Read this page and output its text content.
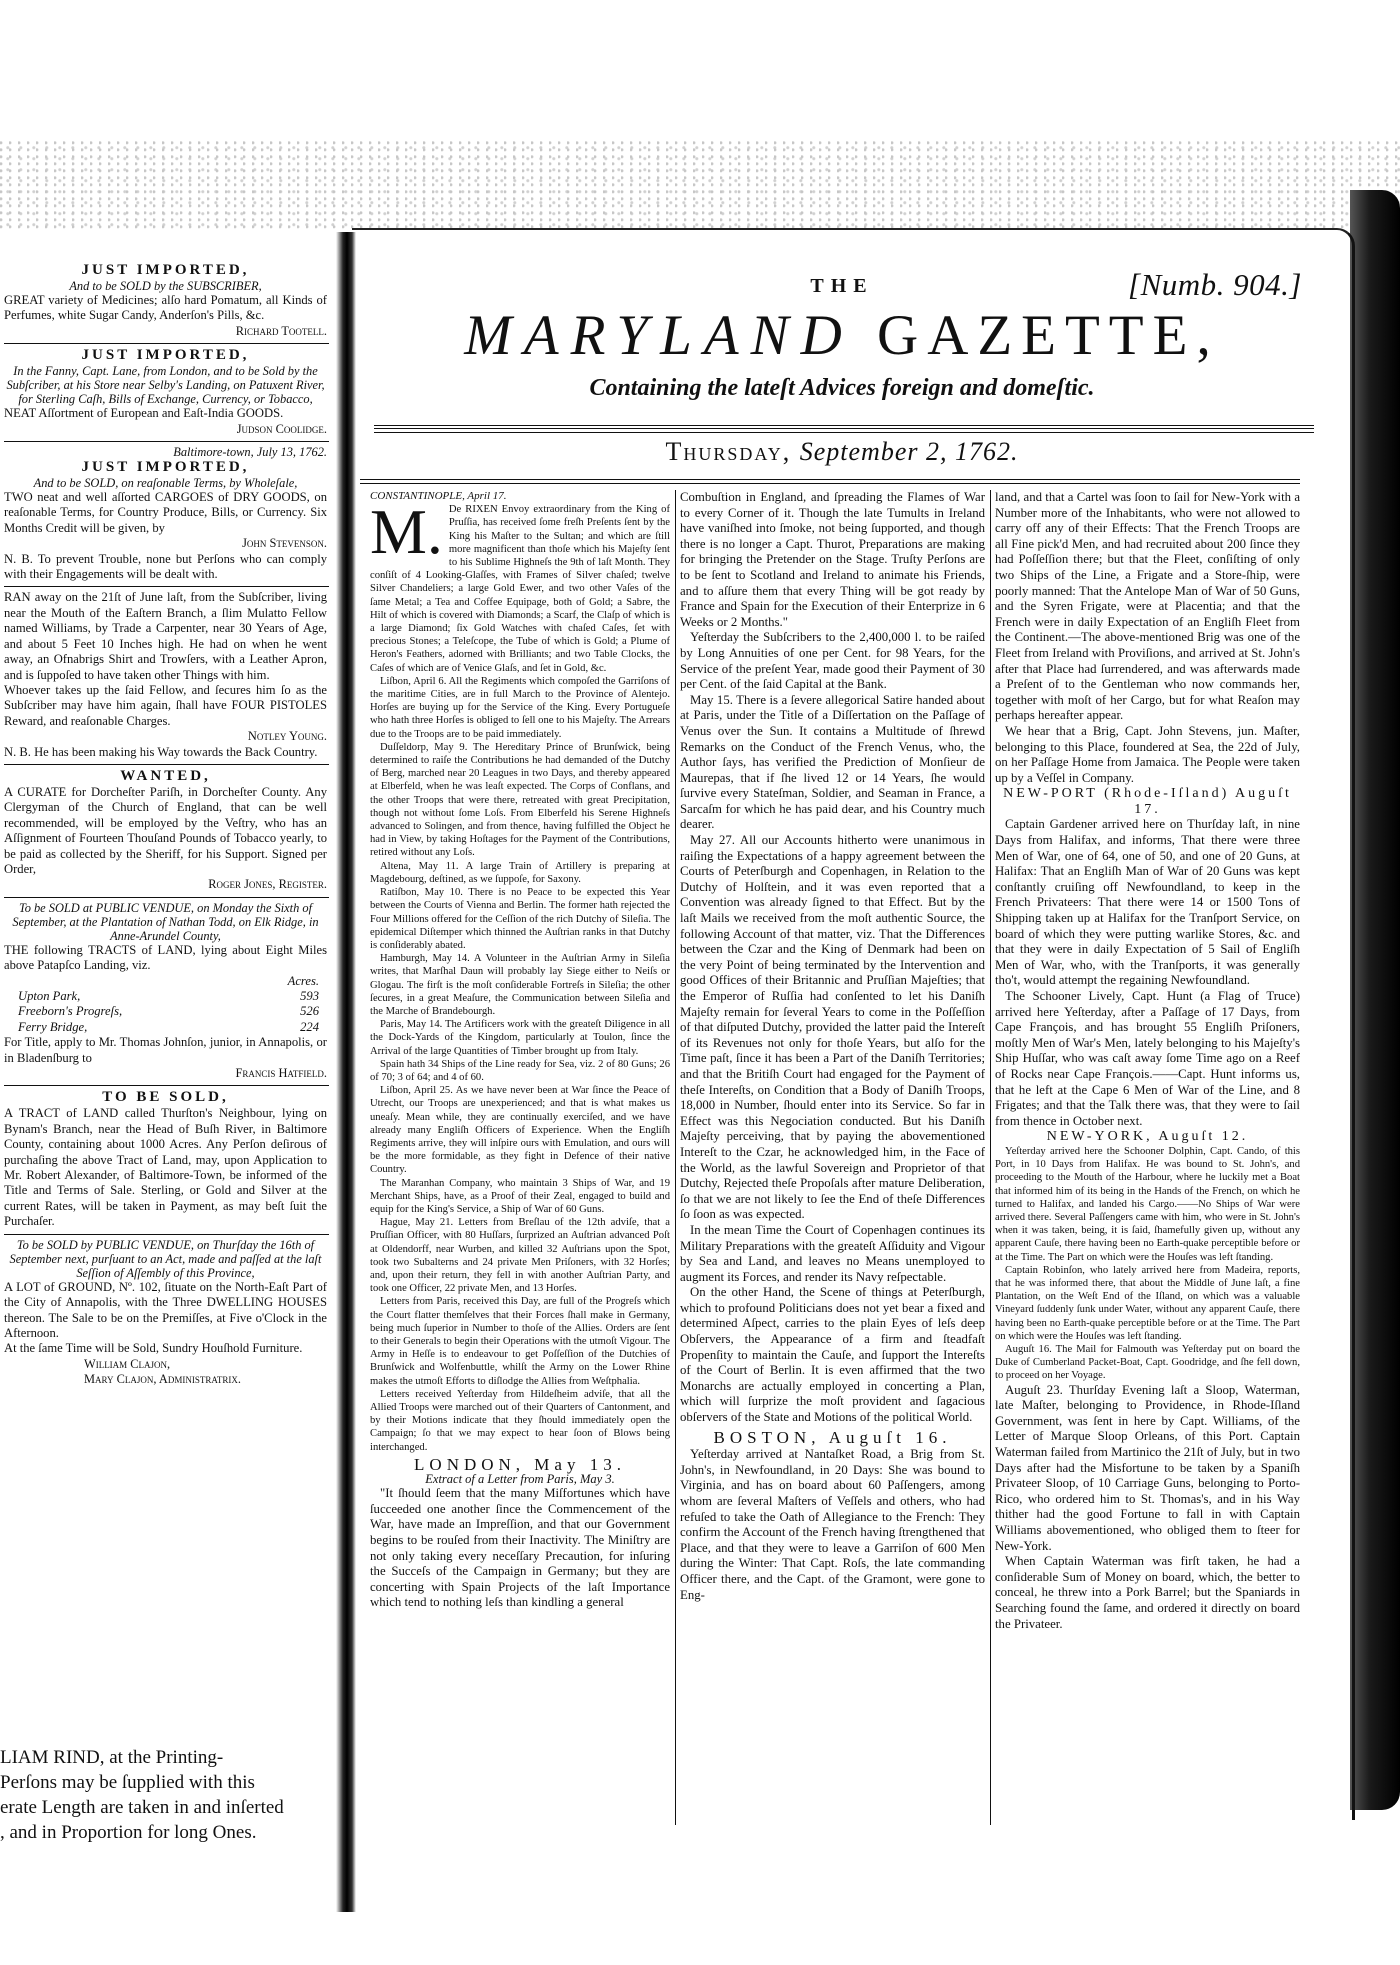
JUST IMPORTED,
And to be SOLD by the SUBSCRIBER,
GREAT variety of Medicines; alſo hard Pomatum, all Kinds of Perfumes, white Sugar Candy, Anderſon's Pills, &c.
Richard Tootell.
JUST IMPORTED,
In the Fanny, Capt. Lane, from London, and to be Sold by the Subſcriber, at his Store near Selby's Landing, on Patuxent River, for Sterling Caſh, Bills of Exchange, Currency, or Tobacco,
NEAT Aſſortment of European and Eaſt-India GOODS.
Judson Coolidge.
Baltimore-town, July 13, 1762.
JUST IMPORTED,
And to be SOLD, on reaſonable Terms, by Wholeſale,
TWO neat and well aſſorted CARGOES of DRY GOODS, on reaſonable Terms, for Country Produce, Bills, or Currency. Six Months Credit will be given, by
John Stevenson.
N. B. To prevent Trouble, none but Perſons who can comply with their Engagements will be dealt with.
RAN away on the 21ſt of June laſt, from the Subſcriber, living near the Mouth of the Eaſtern Branch, a ſlim Mulatto Fellow named Williams, by Trade a Carpenter, near 30 Years of Age, and about 5 Feet 10 Inches high. He had on when he went away, an Ofnabrigs Shirt and Trowſers, with a Leather Apron, and is ſuppoſed to have taken other Things with him.
Whoever takes up the ſaid Fellow, and ſecures him ſo as the Subſcriber may have him again, ſhall have FOUR PISTOLES Reward, and reaſonable Charges.
Notley Young.
N. B. He has been making his Way towards the Back Country.
WANTED,
A CURATE for Dorcheſter Pariſh, in Dorcheſter County. Any Clergyman of the Church of England, that can be well recommended, will be employed by the Veſtry, who has an Aſſignment of Fourteen Thouſand Pounds of Tobacco yearly, to be paid as collected by the Sheriff, for his Support. Signed per Order,
Roger Jones, Regiſter.
To be SOLD at PUBLIC VENDUE, on Monday the Sixth of September, at the Plantation of Nathan Todd, on Elk Ridge, in Anne-Arundel County,
THE following TRACTS of LAND, lying about Eight Miles above Patapſco Landing, viz.
Acres.
Upton Park,	593
Freeborn's Progreſs,	526
Ferry Bridge,	224
For Title, apply to Mr. Thomas Johnſon, junior, in Annapolis, or in Bladenſburg to
Francis Hatfield.
TO BE SOLD,
A TRACT of LAND called Thurſton's Neighbour, lying on Bynam's Branch, near the Head of Buſh River, in Baltimore County, containing about 1000 Acres. Any Perſon deſirous of purchaſing the above Tract of Land, may, upon Application to Mr. Robert Alexander, of Baltimore-Town, be informed of the Title and Terms of Sale. Sterling, or Gold and Silver at the current Rates, will be taken in Payment, as may beſt ſuit the Purchaſer.
To be SOLD by PUBLIC VENDUE, on Thurſday the 16th of September next, purſuant to an Act, made and paſſed at the laſt Seſſion of Aſſembly of this Province,
A LOT of GROUND, Nº. 102, ſituate on the North-Eaſt Part of the City of Annapolis, with the Three DWELLING HOUSES thereon. The Sale to be on the Premiſſes, at Five o'Clock in the Afternoon.
At the ſame Time will be Sold, Sundry Houſhold Furniture.
William Clajon,
Mary Clajon, Adminiſtratrix.
LIAM RIND, at the Printing-
Perſons may be ſupplied with this
erate Length are taken in and inſerted
, and in Proportion for long Ones.
[Numb. 904.]
THE
MARYLAND GAZETTE,
Containing the lateſt Advices foreign and domeſtic.
Thursday, September 2, 1762.
CONSTANTINOPLE, April 17.

M. De RIXEN Envoy extraordinary from the King of Pruſſia, has received ſome freſh Preſents ſent by the King his Maſter to the Sultan; and which are ſtill more magnificent than thoſe which his Majeſty ſent to his Sublime Highneſs the 9th of laſt Month. They conſiſt of 4 Looking-Glaſſes, with Frames of Silver chaſed; twelve Silver Chandeliers; a large Gold Ewer, and two other Vaſes of the ſame Metal; a Tea and Coffee Equipage, both of Gold; a Sabre, the Hilt of which is covered with Diamonds; a Scarf, the Claſp of which is a large Diamond; ſix Gold Watches with chaſed Caſes, ſet with precious Stones; a Teleſcope, the Tube of which is Gold; a Plume of Heron's Feathers, adorned with Brilliants; and two Table Clocks, the Caſes of which are of Venice Glaſs, and ſet in Gold, &c.

Liſbon, April 6. All the Regiments which compoſed the Garriſons of the maritime Cities, are in full March to the Province of Alentejo. Horſes are buying up for the Service of the King. Every Portugueſe who hath three Horſes is obliged to ſell one to his Majeſty. The Arrears due to the Troops are to be paid immediately.

Duſſeldorp, May 9. The Hereditary Prince of Brunſwick, being determined to raiſe the Contributions he had demanded of the Dutchy of Berg, marched near 20 Leagues in two Days, and thereby appeared at Elberfeld, when he was leaſt expected. The Corps of Conflans, and the other Troops that were there, retreated with great Precipitation, though not without ſome Loſs. From Elberfeld his Serene Highneſs advanced to Solingen, and from thence, having fulfilled the Object he had in View, by taking Hoſtages for the Payment of the Contributions, retired without any Loſs.

Altena, May 11. A large Train of Artillery is preparing at Magdebourg, deſtined, as we ſuppoſe, for Saxony.

Ratiſbon, May 10. There is no Peace to be expected this Year between the Courts of Vienna and Berlin. The former hath rejected the Four Millions offered for the Ceſſion of the rich Dutchy of Sileſia. The epidemical Diſtemper which thinned the Auſtrian ranks in that Dutchy is conſiderably abated.

Hamburgh, May 14. A Volunteer in the Auſtrian Army in Sileſia writes, that Marſhal Daun will probably lay Siege either to Neiſs or Glogau. The firſt is the moſt conſiderable Fortreſs in Sileſia; the other ſecures, in a great Meaſure, the Communication between Sileſia and the Marche of Brandebourgh.

Paris, May 14. The Artificers work with the greateſt Diligence in all the Dock-Yards of the Kingdom, particularly at Toulon, ſince the Arrival of the large Quantities of Timber brought up from Italy.

Spain hath 34 Ships of the Line ready for Sea, viz. 2 of 80 Guns; 26 of 70; 3 of 64; and 4 of 60.

Liſbon, April 25. As we have never been at War ſince the Peace of Utrecht, our Troops are unexperienced; and that is what makes us uneaſy. Mean while, they are continually exerciſed, and we have already many Engliſh Officers of Experience. When the Engliſh Regiments arrive, they will inſpire ours with Emulation, and ours will be the more formidable, as they fight in Defence of their native Country.

The Maranhan Company, who maintain 3 Ships of War, and 19 Merchant Ships, have, as a Proof of their Zeal, engaged to build and equip for the King's Service, a Ship of War of 60 Guns.

Hague, May 21. Letters from Breſlau of the 12th adviſe, that a Pruſſian Officer, with 80 Huſſars, ſurprized an Auſtrian advanced Poſt at Oldendorff, near Wurben, and killed 32 Auſtrians upon the Spot, took two Subalterns and 24 private Men Priſoners, with 32 Horſes; and, upon their return, they fell in with another Auſtrian Party, and took one Officer, 22 private Men, and 13 Horſes.

Letters from Paris, received this Day, are full of the Progreſs which the Court flatter themſelves that their Forces ſhall make in Germany, being much ſuperior in Number to thoſe of the Allies. Orders are ſent to their Generals to begin their Operations with the utmoſt Vigour. The Army in Heſſe is to endeavour to get Poſſeſſion of the Dutchies of Brunſwick and Wolfenbuttle, whilſt the Army on the Lower Rhine makes the utmoſt Efforts to diſlodge the Allies from Weſtphalia.

Letters received Yeſterday from Hildeſheim adviſe, that all the Allied Troops were marched out of their Quarters of Cantonment, and by their Motions indicate that they ſhould immediately open the Campaign; ſo that we may expect to hear ſoon of Blows being interchanged.

LONDON, May 13.
Extract of a Letter from Paris, May 3.

"It ſhould ſeem that the many Miſfortunes which have ſucceeded one another ſince the Commencement of the War, have made an Impreſſion, and that our Government begins to be rouſed from their Inactivity. The Miniſtry are not only taking every neceſſary Precaution, for inſuring the Succeſs of the Campaign in Germany; but they are concerting with Spain Projects of the laſt Importance which tend to nothing leſs than kindling a general

Combuſtion in England, and ſpreading the Flames of War to every Corner of it. Though the late Tumults in Ireland have vaniſhed into ſmoke, not being ſupported, and though there is no longer a Capt. Thurot, Preparations are making for bringing the Pretender on the Stage. Truſty Perſons are to be ſent to Scotland and Ireland to animate his Friends, and to aſſure them that every Thing will be got ready by France and Spain for the Execution of their Enterprize in 6 Weeks or 2 Months."

Yeſterday the Subſcribers to the 2,400,000 l. to be raiſed by Long Annuities of one per Cent. for 98 Years, for the Service of the preſent Year, made good their Payment of 30 per Cent. of the ſaid Capital at the Bank.

May 15. There is a ſevere allegorical Satire handed about at Paris, under the Title of a Diſſertation on the Paſſage of Venus over the Sun. It contains a Multitude of ſhrewd Remarks on the Conduct of the French Venus, who, the Author ſays, has verified the Prediction of Monſieur de Maurepas, that if ſhe lived 12 or 14 Years, ſhe would ſurvive every Stateſman, Soldier, and Seaman in France, a Sarcaſm for which he has paid dear, and his Country much dearer.

May 27. All our Accounts hitherto were unanimous in raiſing the Expectations of a happy agreement between the Courts of Peterſburgh and Copenhagen, in Relation to the Dutchy of Holſtein, and it was even reported that a Convention was already ſigned to that Effect. But by the laſt Mails we received from the moſt authentic Source, the following Account of that matter, viz. That the Differences between the Czar and the King of Denmark had been on the very Point of being terminated by the Intervention and good Offices of their Britannic and Pruſſian Majeſties; that the Emperor of Ruſſia had conſented to let his Daniſh Majeſty remain for ſeveral Years to come in the Poſſeſſion of that diſputed Dutchy, provided the latter paid the Intereſt of its Revenues not only for thoſe Years, but alſo for the Time paſt, ſince it has been a Part of the Daniſh Territories; and that the Britiſh Court had engaged for the Payment of theſe Intereſts, on Condition that a Body of Daniſh Troops, 18,000 in Number, ſhould enter into its Service. So far in Effect was this Negociation conducted. But his Daniſh Majeſty perceiving, that by paying the abovementioned Intereſt to the Czar, he acknowledged him, in the Face of the World, as the lawful Sovereign and Proprietor of that Dutchy, Rejected theſe Propoſals after mature Deliberation, ſo that we are not likely to ſee the End of theſe Differences ſo ſoon as was expected.

In the mean Time the Court of Copenhagen continues its Military Preparations with the greateſt Aſſiduity and Vigour by Sea and Land, and leaves no Means unemployed to augment its Forces, and render its Navy reſpectable.

On the other Hand, the Scene of things at Peterſburgh, which to profound Politicians does not yet bear a fixed and determined Aſpect, carries to the plain Eyes of leſs deep Obſervers, the Appearance of a firm and ſteadfaſt Propenſity to maintain the Cauſe, and ſupport the Intereſts of the Court of Berlin. It is even affirmed that the two Monarchs are actually employed in concerting a Plan, which will ſurprize the moſt provident and ſagacious obſervers of the State and Motions of the political World.

BOSTON, Auguſt 16.

Yeſterday arrived at Nantaſket Road, a Brig from St. John's, in Newfoundland, in 20 Days: She was bound to Virginia, and has on board about 60 Paſſengers, among whom are ſeveral Maſters of Veſſels and others, who had refuſed to take the Oath of Allegiance to the French: They confirm the Account of the French having ſtrengthened that Place, and that they were to leave a Garriſon of 600 Men during the Winter: That Capt. Roſs, the late commanding Officer there, and the Capt. of the Gramont, were gone to Eng-

land, and that a Cartel was ſoon to ſail for New-York with a Number more of the Inhabitants, who were not allowed to carry off any of their Effects: That the French Troops are all Fine pick'd Men, and had recruited about 200 ſince they had Poſſeſſion there; but that the Fleet, conſiſting of only two Ships of the Line, a Frigate and a Store-ſhip, were poorly manned: That the Antelope Man of War of 50 Guns, and the Syren Frigate, were at Placentia; and that the French were in daily Expectation of an Engliſh Fleet from the Continent.—The above-mentioned Brig was one of the Fleet from Ireland with Proviſions, and arrived at St. John's after that Place had ſurrendered, and was afterwards made a Preſent of to the Gentleman who now commands her, together with moſt of her Cargo, but for what Reaſon may perhaps hereafter appear.

We hear that a Brig, Capt. John Stevens, jun. Maſter, belonging to this Place, foundered at Sea, the 22d of July, on her Paſſage Home from Jamaica. The People were taken up by a Veſſel in Company.

NEW-PORT (Rhode-Iſland) Auguſt 17.

Captain Gardener arrived here on Thurſday laſt, in nine Days from Halifax, and informs, That there were three Men of War, one of 64, one of 50, and one of 20 Guns, at Halifax: That an Engliſh Man of War of 20 Guns was kept conſtantly cruiſing off Newfoundland, to keep in the French Privateers: That there were 14 or 1500 Tons of Shipping taken up at Halifax for the Tranſport Service, on board of which they were putting warlike Stores, &c. and that they were in daily Expectation of 5 Sail of Engliſh Men of War, who, with the Tranſports, it was generally tho't, would attempt the regaining Newfoundland.

The Schooner Lively, Capt. Hunt (a Flag of Truce) arrived here Yeſterday, after a Paſſage of 17 Days, from Cape François, and has brought 55 Engliſh Priſoners, moſtly Men of War's Men, lately belonging to his Majeſty's Ship Huſſar, who was caſt away ſome Time ago on a Reef of Rocks near Cape François.——Capt. Hunt informs us, that he left at the Cape 6 Men of War of the Line, and 8 Frigates; and that the Talk there was, that they were to ſail from thence in October next.

NEW-YORK, Auguſt 12.

Yeſterday arrived here the Schooner Dolphin, Capt. Cando, of this Port, in 10 Days from Halifax. He was bound to St. John's, and proceeding to the Mouth of the Harbour, where he luckily met a Boat that informed him of its being in the Hands of the French, on which he turned to Halifax, and landed his Cargo.——No Ships of War were arrived there. Several Paſſengers came with him, who were in St. John's when it was taken, being, it is ſaid, ſhamefully given up, without any apparent Cauſe, there having been no Earth-quake perceptible before or at the Time. The Part on which were the Houſes was left ſtanding.

Captain Robinſon, who lately arrived here from Madeira, reports, that he was informed there, that about the Middle of June laſt, a fine Plantation, on the Weſt End of the Iſland, on which was a valuable Vineyard ſuddenly ſunk under Water, without any apparent Cauſe, there having been no Earth-quake perceptible before or at the Time. The Part on which were the Houſes was left ſtanding.

Auguſt 16. The Mail for Falmouth was Yeſterday put on board the Duke of Cumberland Packet-Boat, Capt. Goodridge, and ſhe fell down, to proceed on her Voyage.

Auguſt 23. Thurſday Evening laſt a Sloop, Waterman, late Maſter, belonging to Providence, in Rhode-Iſland Government, was ſent in here by Capt. Williams, of the Letter of Marque Sloop Orleans, of this Port. Captain Waterman failed from Martinico the 21ſt of July, but in two Days after had the Misfortune to be taken by a Spaniſh Privateer Sloop, of 10 Carriage Guns, belonging to Porto-Rico, who ordered him to St. Thomas's, and in his Way thither had the good Fortune to fall in with Captain Williams abovementioned, who obliged them to ſteer for New-York.

When Captain Waterman was firſt taken, he had a conſiderable Sum of Money on board, which, the better to conceal, he threw into a Pork Barrel; but the Spaniards in Searching found the ſame, and ordered it directly on board the Privateer.
